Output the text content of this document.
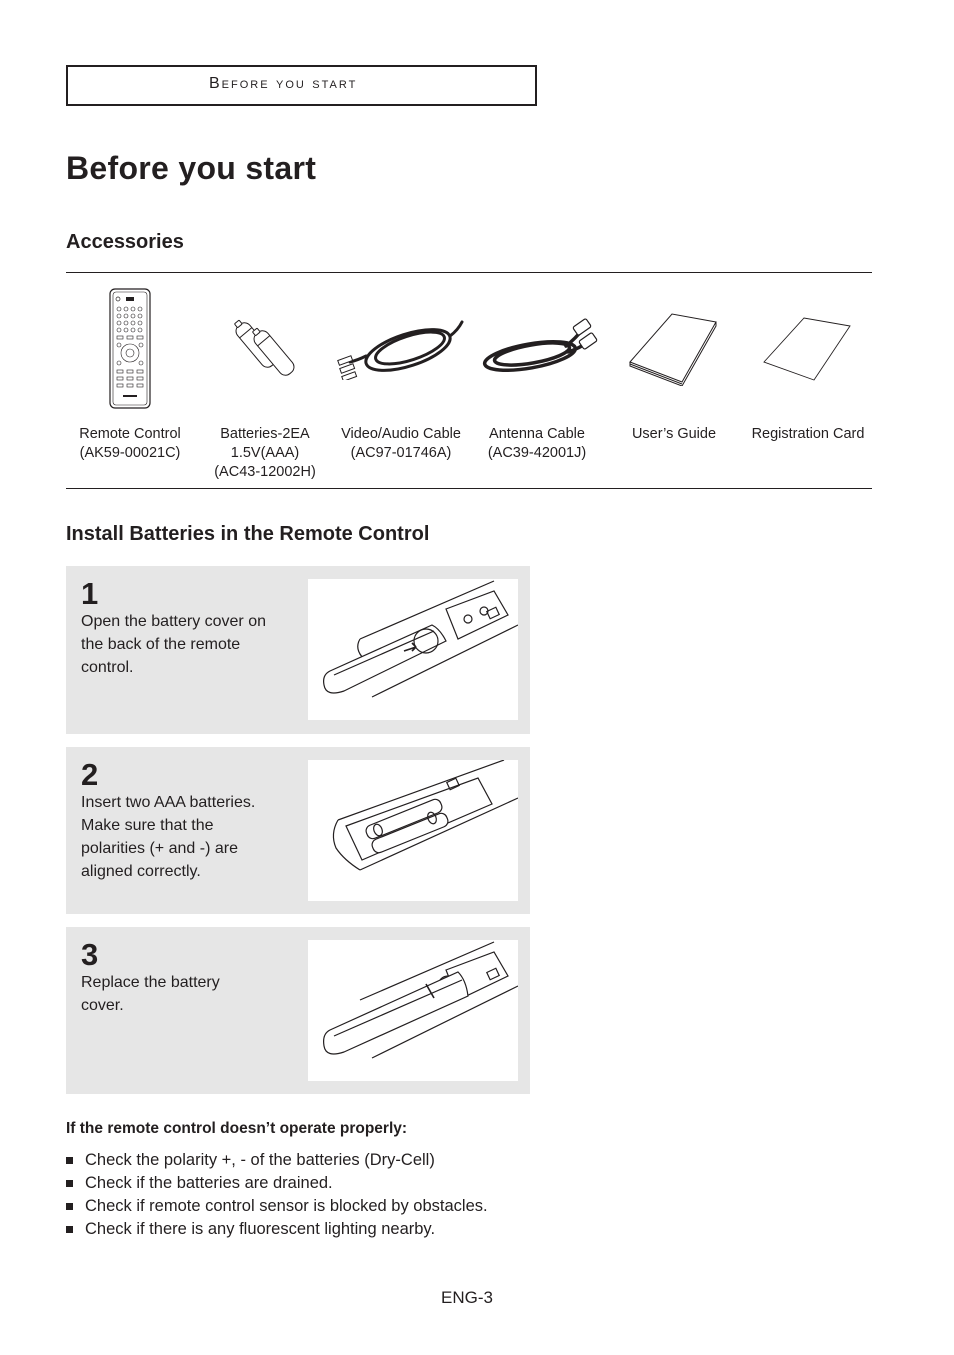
Before you start
Before you start
Accessories
Remote Control
(AK59-00021C)
Batteries-2EA
1.5V(AAA)
(AC43-12002H)
Video/Audio Cable
(AC97-01746A)
Antenna Cable
(AC39-42001J)
User’s Guide	Registration Card
Install Batteries in the Remote Control
1
Open the battery cover on
the back of the remote
control.
2
Insert two AAA batteries.
Make sure that the
polarities (+ and -) are
aligned correctly.
3
Replace the battery
cover.
If the remote control doesn’t operate properly:
Check the polarity +, - of the batteries (Dry-Cell)
Check if the batteries are drained.
Check if remote control sensor is blocked by obstacles.
Check if there is any fluorescent lighting nearby.
ENG-3
